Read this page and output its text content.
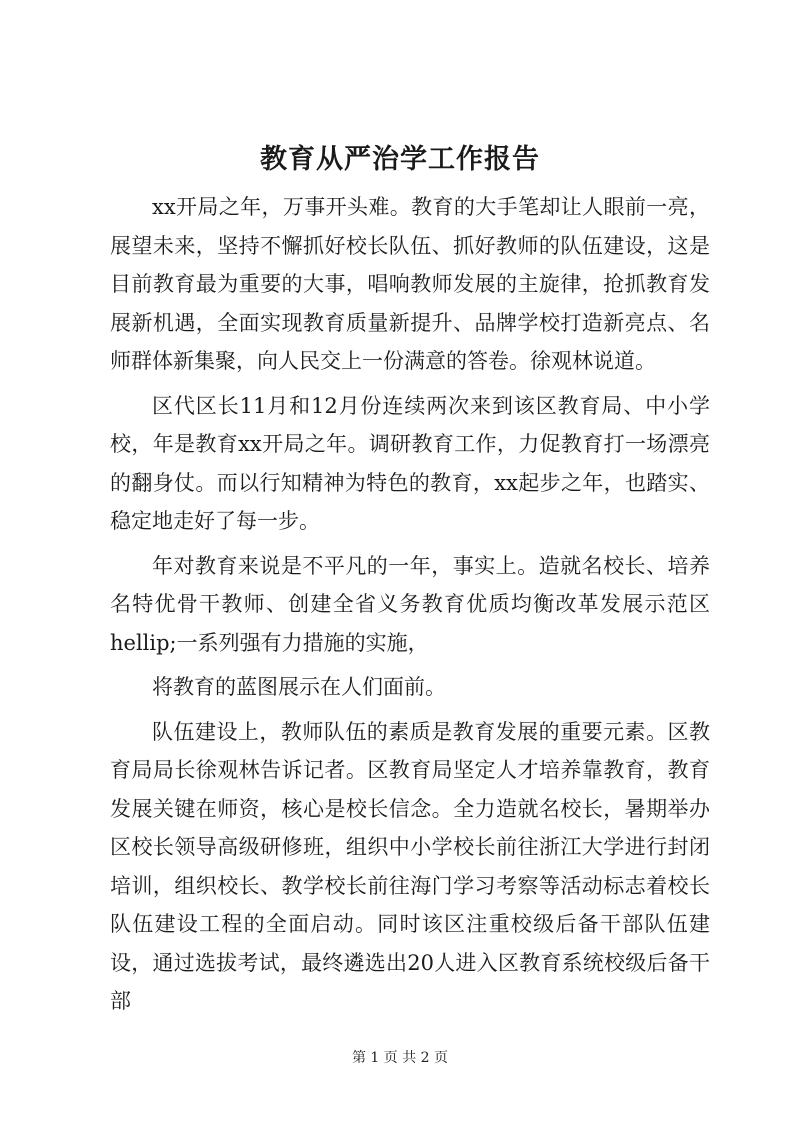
教育从严治学工作报告

xx开局之年，万事开头难。教育的大手笔却让人眼前一亮，展望未来，坚持不懈抓好校长队伍、抓好教师的队伍建设，这是目前教育最为重要的大事，唱响教师发展的主旋律，抢抓教育发展新机遇，全面实现教育质量新提升、品牌学校打造新亮点、名师群体新集聚，向人民交上一份满意的答卷。徐观林说道。

区代区长11月和12月份连续两次来到该区教育局、中小学校，年是教育xx开局之年。调研教育工作，力促教育打一场漂亮的翻身仗。而以行知精神为特色的教育，xx起步之年，也踏实、稳定地走好了每一步。

年对教育来说是不平凡的一年，事实上。造就名校长、培养名特优骨干教师、创建全省义务教育优质均衡改革发展示范区hellip;一系列强有力措施的实施，

将教育的蓝图展示在人们面前。

队伍建设上，教师队伍的素质是教育发展的重要元素。区教育局局长徐观林告诉记者。区教育局坚定人才培养靠教育，教育发展关键在师资，核心是校长信念。全力造就名校长，暑期举办区校长领导高级研修班，组织中小学校长前往浙江大学进行封闭培训，组织校长、教学校长前往海门学习考察等活动标志着校长队伍建设工程的全面启动。同时该区注重校级后备干部队伍建设，通过选拔考试，最终遴选出20人进入区教育系统校级后备干部

第 1 页 共 2 页
